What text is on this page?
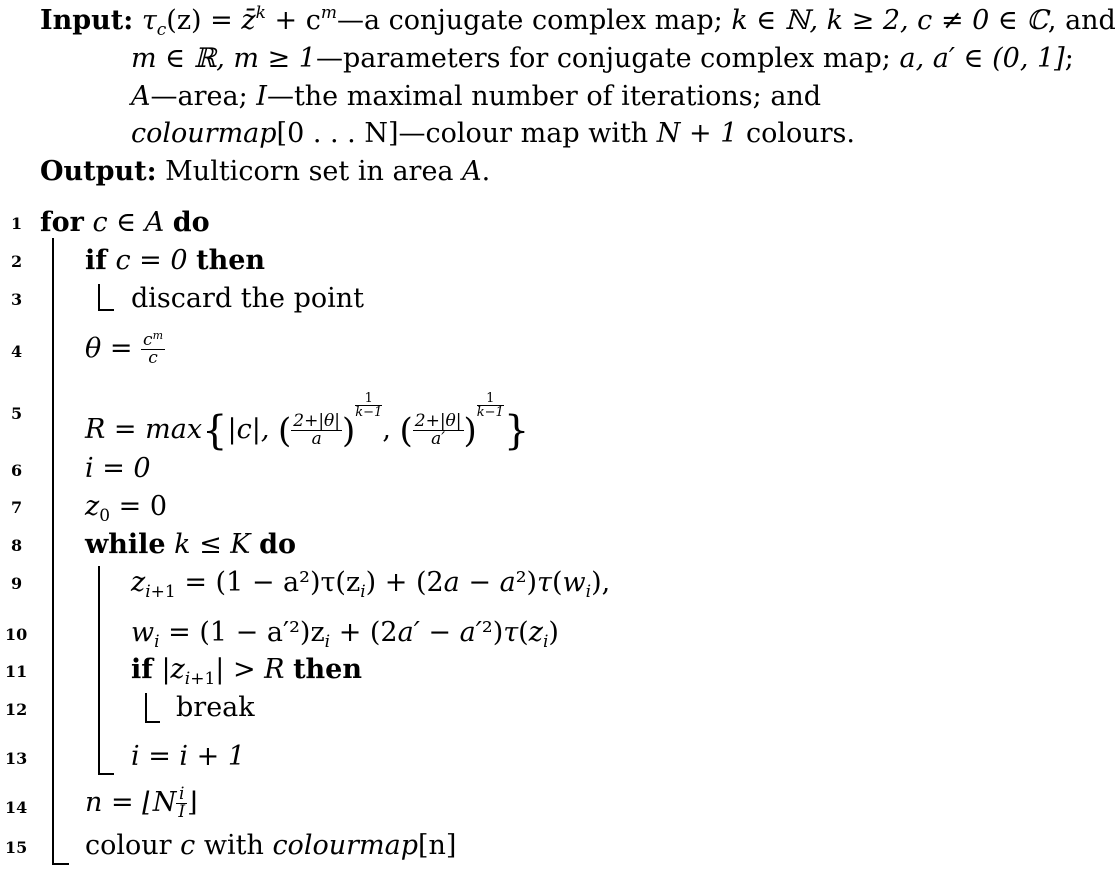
Input: $\tau_c(z)$ = z̄$^k$ + $c^m—a$ conjugate complex map; k ∈ ℕ, k ≥ 2, c ≠ 0 ∈ ℂ, and
m ∈ ℝ, m ≥ 1—parameters for conjugate complex map; a, a′ ∈ (0, 1];
A—area; I—the maximal number of iterations; and
colourmap[0 . . . N]—colour map with N + 1 colours.
Output: Multicorn set in area A.
1
2
3
4
5
6
7
8
9
10
11
12
13
14
15
for c ∈ A do
if c = 0 then
discard the point
$\theta = \frac{c^m}{c}$
R = max{|c|, ( $\frac{2+|\theta|}{a}$ )
$\frac{1}{k-1}$
, ( $\frac{2+|\theta|}{a'}$ )
$\frac{1}{k-1}$
}
i = 0
$z_0 = 0$
while k ≤ K do
$z_{i+1} = (1 - a^2)\tau(z_i) + (2a - a^2)\tau(w_i)$,
$w_i = (1 - a'^2)z_i + (2a' - a'^2)\tau(z_i)$
if $|z_{i+1}| > R$ then
break
i = i + 1
n = ⌊N $\frac{i}{I}$ ⌋
colour c with colourmap[n]
